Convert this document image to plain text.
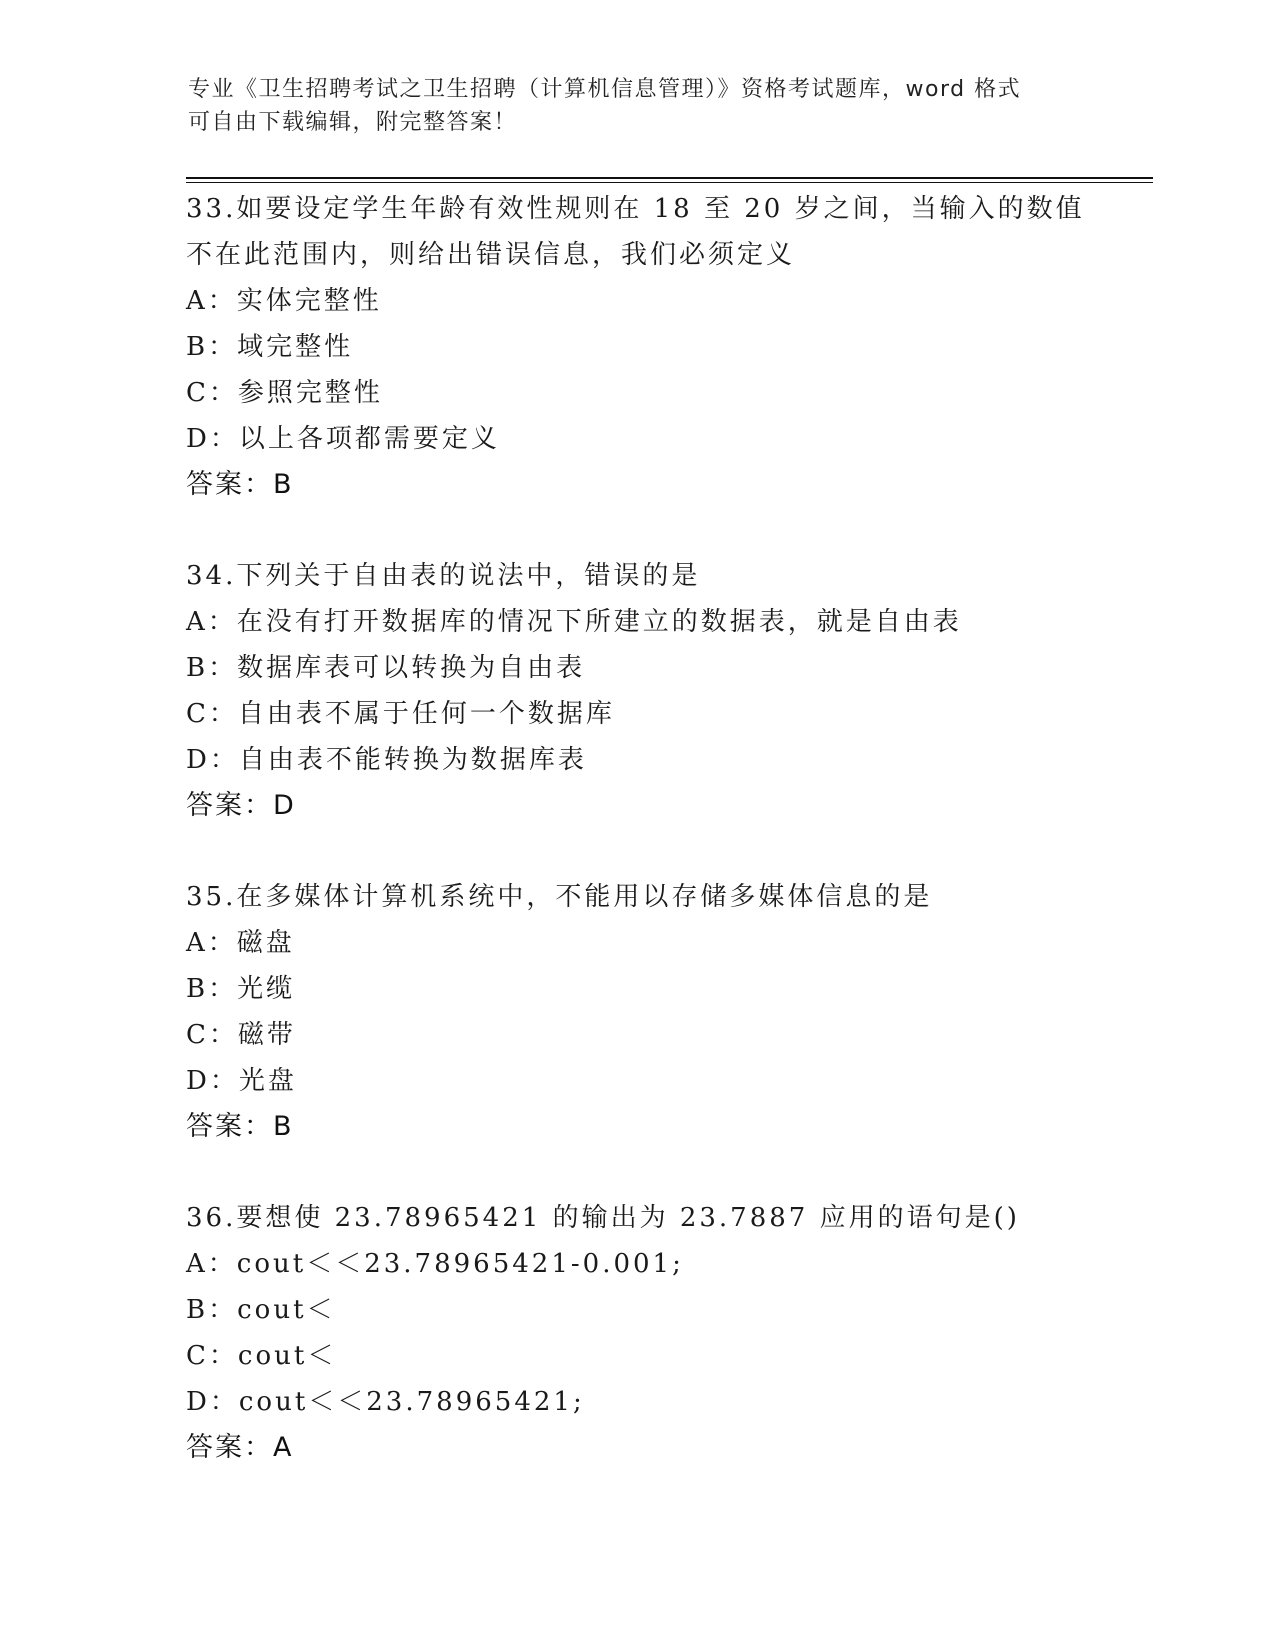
专业《卫生招聘考试之卫生招聘（计算机信息管理）》资格考试题库，word 格式
可自由下载编辑，附完整答案！
33.如要设定学生年龄有效性规则在 18 至 20 岁之间，当输入的数值不在此范围内，则给出错误信息，我们必须定义
A：实体完整性
B：域完整性
C：参照完整性
D：以上各项都需要定义
答案：B
34.下列关于自由表的说法中，错误的是
A：在没有打开数据库的情况下所建立的数据表，就是自由表
B：数据库表可以转换为自由表
C：自由表不属于任何一个数据库
D：自由表不能转换为数据库表
答案：D
35.在多媒体计算机系统中，不能用以存储多媒体信息的是
A：磁盘
B：光缆
C：磁带
D：光盘
答案：B
36.要想使 23.78965421 的输出为 23.7887 应用的语句是()
A：cout＜＜23.78965421-0.001;
B：cout＜
C：cout＜
D：cout＜＜23.78965421;
答案：A
